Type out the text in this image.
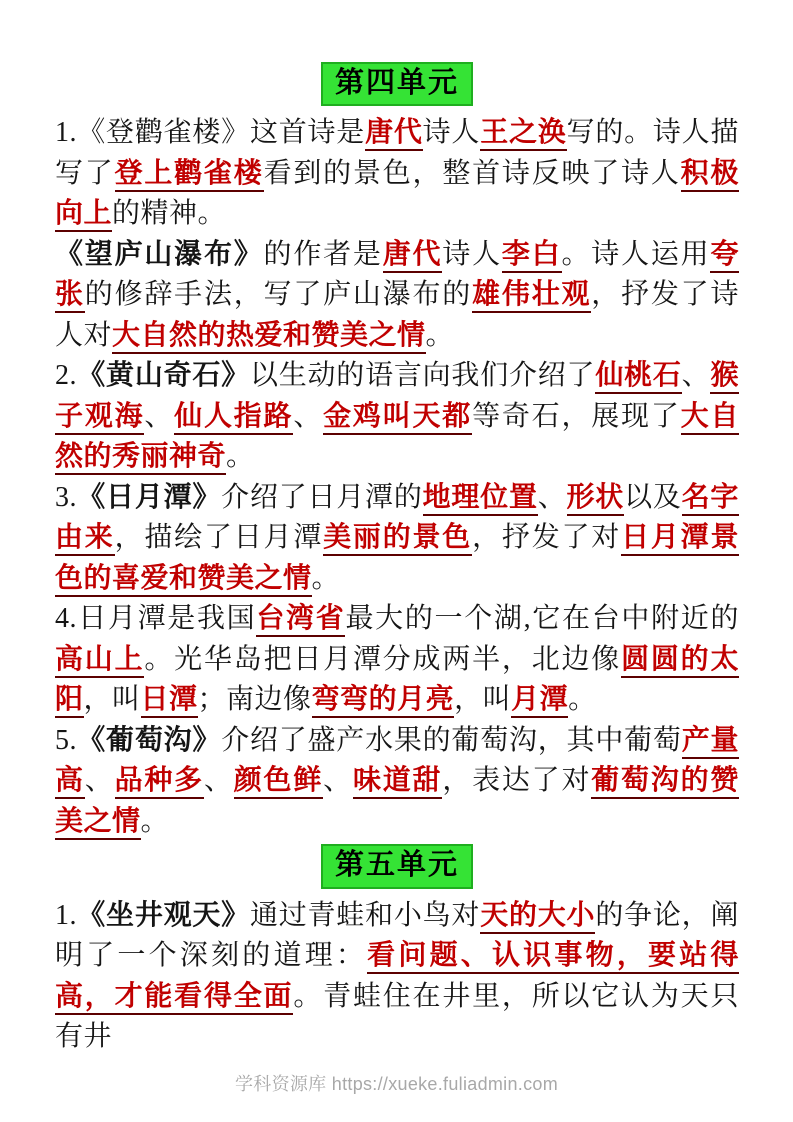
第四单元

1.《登鹳雀楼》这首诗是唐代诗人王之涣写的。诗人描写了登上鹳雀楼看到的景色，整首诗反映了诗人积极向上的精神。

《望庐山瀑布》的作者是唐代诗人李白。诗人运用夸张的修辞手法，写了庐山瀑布的雄伟壮观，抒发了诗人对大自然的热爱和赞美之情。

2.《黄山奇石》以生动的语言向我们介绍了仙桃石、猴子观海、仙人指路、金鸡叫天都等奇石，展现了大自然的秀丽神奇。

3.《日月潭》介绍了日月潭的地理位置、形状以及名字由来，描绘了日月潭美丽的景色，抒发了对日月潭景色的喜爱和赞美之情。

4.日月潭是我国台湾省最大的一个湖,它在台中附近的高山上。光华岛把日月潭分成两半，北边像圆圆的太阳，叫日潭；南边像弯弯的月亮，叫月潭。

5.《葡萄沟》介绍了盛产水果的葡萄沟，其中葡萄产量高、品种多、颜色鲜、味道甜，表达了对葡萄沟的赞美之情。

第五单元

1.《坐井观天》通过青蛙和小鸟对天的大小的争论，阐明了一个深刻的道理：看问题、认识事物，要站得高，才能看得全面。青蛙住在井里，所以它认为天只有井

学科资源库 https://xueke.fuliadmin.com
